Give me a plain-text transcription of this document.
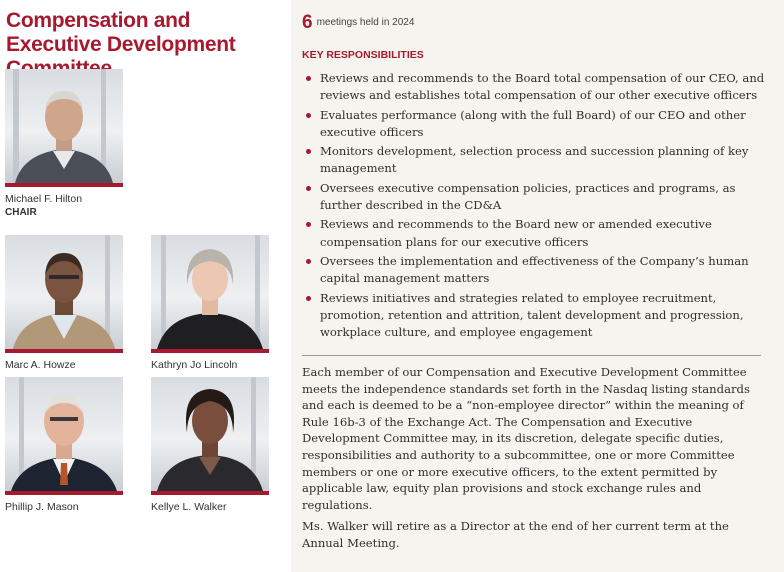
Compensation and Executive Development
Michael F. Hilton
CHAIR
Marc A. Howze	Kathryn Jo Lincoln
Phillip J. Mason	Kellye L. Walker
6 meetings held in 2024
KEY RESPONSIBILITIES
Reviews and recommends to the Board total compensation of our CEO, and reviews and establishes total compensation of our other executive officers
Evaluates performance (along with the full Board) of our CEO and other executive officers
Monitors development, selection process and succession planning of key management
Oversees executive compensation policies, practices and programs, as further described in the CD&A
Reviews and recommends to the Board new or amended executive compensation plans for our executive officers
Oversees the implementation and effectiveness of the Company’s human capital management matters
Reviews initiatives and strategies related to employee recruitment, promotion, retention and attrition, talent development and progression, workplace culture, and employee engagement

Each member of our Compensation and Executive Development Committee meets the independence standards set forth in the Nasdaq listing standards and each is deemed to be a “non-employee director” within the meaning of Rule 16b-3 of the Exchange Act. The Compensation and Executive Development Committee may, in its discretion, delegate specific duties, responsibilities and authority to a subcommittee, one or more Committee members or one or more executive officers, to the extent permitted by applicable law, equity plan provisions and stock exchange rules and regulations.

Ms. Walker will retire as a Director at the end of her current term at the Annual Meeting.
